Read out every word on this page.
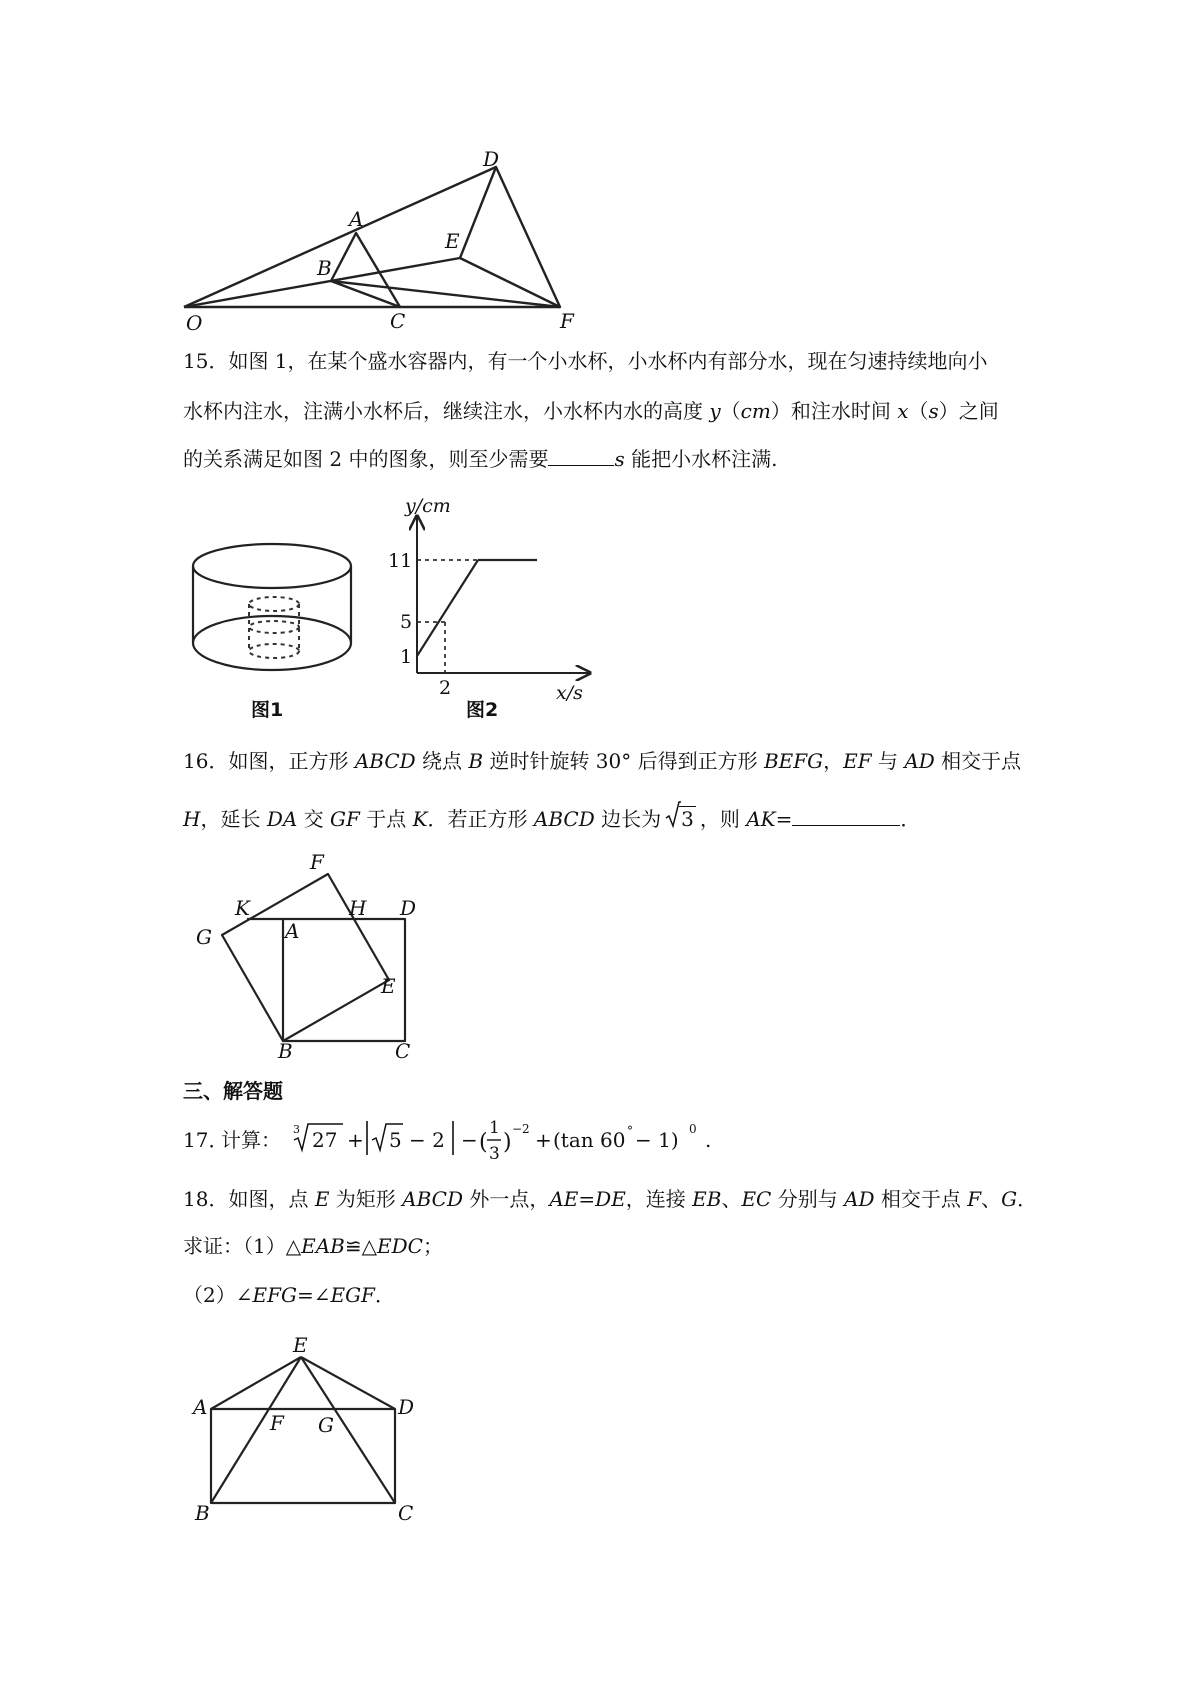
O
A
B
C
D
E
F
15．如图 1，在某个盛水容器内，有一个小水杯，小水杯内有部分水，现在匀速持续地向小
水杯内注水，注满小水杯后，继续注水，小水杯内水的高度 y（cm）和注水时间 x（s）之间
的关系满足如图 2 中的图象，则至少需要	s 能把小水杯注满.
图1
y/cm
x/s
11
5
1
2
图2
16．如图，正方形 ABCD 绕点 B 逆时针旋转 30° 后得到正方形 BEFG，EF 与 AD 相交于点
H，延长 DA 交 GF 于点 K．若正方形 ABCD 边长为 3 ，则 AK=	．
F
K	H D
G	A
E
B	C
三、解答题
17．
计算： 3 27 + 5 − 2 − (
1
3 )
−2 + (tan 60 ° − 1) 0 .
18．如图，点 E 为矩形 ABCD 外一点，AE=DE，连接 EB、EC 分别与 AD 相交于点 F、G．
求证：（1）△EAB≌△EDC；
（2）∠EFG=∠EGF．
E
A	D
F G
B	C
